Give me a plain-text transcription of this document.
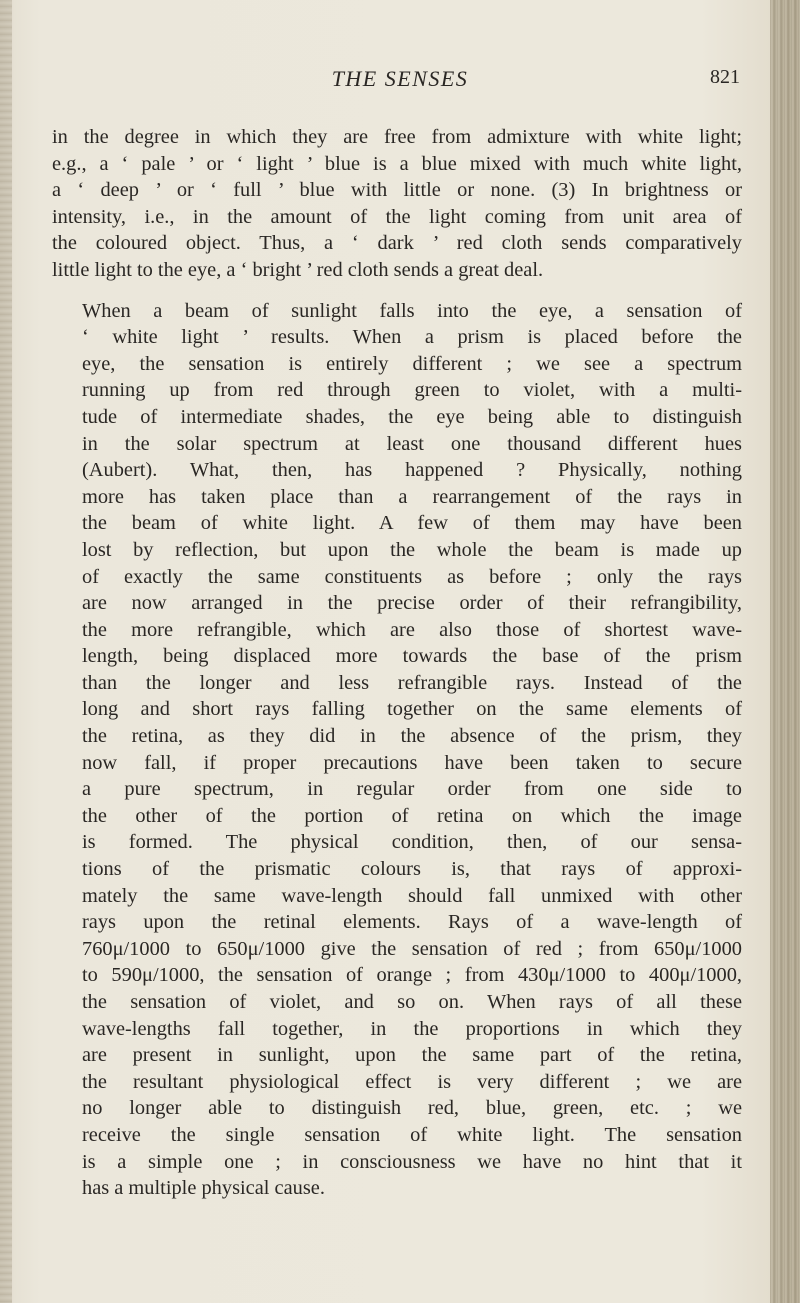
THE SENSES	821

in the degree in which they are free from admixture with white light;
e.g., a ‘ pale ’ or ‘ light ’ blue is a blue mixed with much white light,
a ‘ deep ’ or ‘ full ’ blue with little or none. (3) In brightness or
intensity, i.e., in the amount of the light coming from unit area of
the coloured object. Thus, a ‘ dark ’ red cloth sends comparatively
little light to the eye, a ‘ bright ’ red cloth sends a great deal.

When a beam of sunlight falls into the eye, a sensation of
‘ white light ’ results. When a prism is placed before the
eye, the sensation is entirely different ; we see a spectrum
running up from red through green to violet, with a multi-
tude of intermediate shades, the eye being able to distinguish
in the solar spectrum at least one thousand different hues
(Aubert). What, then, has happened ? Physically, nothing
more has taken place than a rearrangement of the rays in
the beam of white light. A few of them may have been
lost by reflection, but upon the whole the beam is made up
of exactly the same constituents as before ; only the rays
are now arranged in the precise order of their refrangibility,
the more refrangible, which are also those of shortest wave-
length, being displaced more towards the base of the prism
than the longer and less refrangible rays. Instead of the
long and short rays falling together on the same elements of
the retina, as they did in the absence of the prism, they
now fall, if proper precautions have been taken to secure
a pure spectrum, in regular order from one side to
the other of the portion of retina on which the image
is formed. The physical condition, then, of our sensa-
tions of the prismatic colours is, that rays of approxi-
mately the same wave-length should fall unmixed with other
rays upon the retinal elements. Rays of a wave-length of
760μ/1000 to 650μ/1000 give the sensation of red ; from 650μ/1000
to 590μ/1000, the sensation of orange ; from 430μ/1000 to 400μ/1000,
the sensation of violet, and so on. When rays of all these
wave-lengths fall together, in the proportions in which they
are present in sunlight, upon the same part of the retina,
the resultant physiological effect is very different ; we are
no longer able to distinguish red, blue, green, etc. ; we
receive the single sensation of white light. The sensation
is a simple one ; in consciousness we have no hint that it
has a multiple physical cause.
